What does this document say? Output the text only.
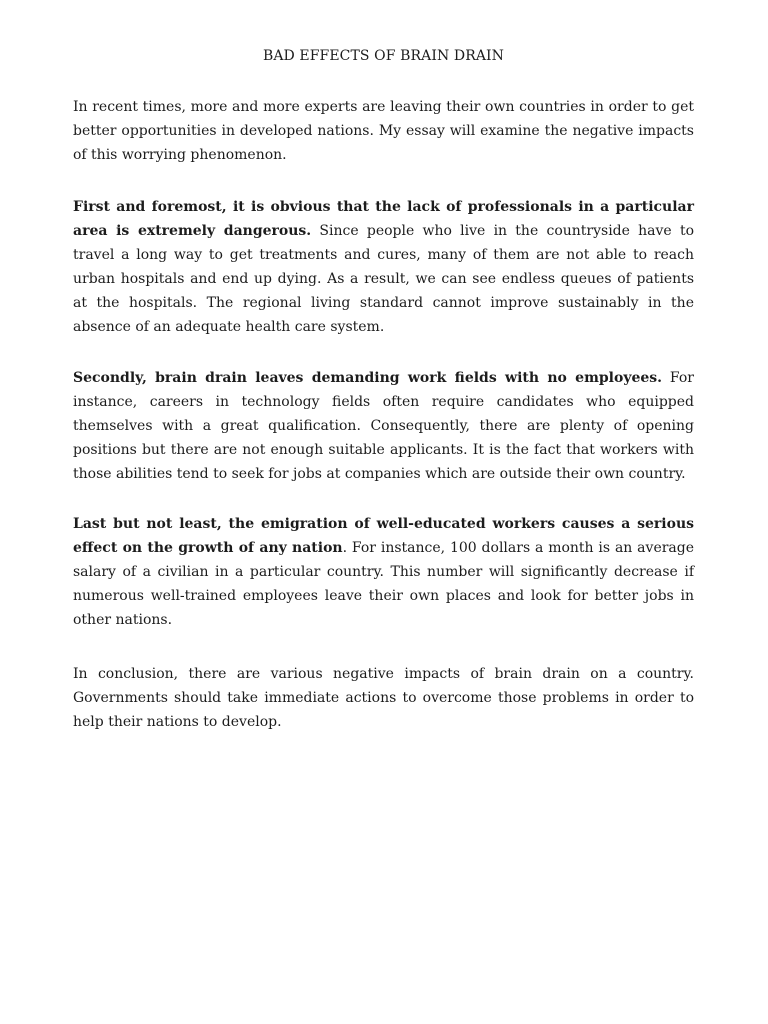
BAD EFFECTS OF BRAIN DRAIN

In recent times, more and more experts are leaving their own countries in order to get better opportunities in developed nations. My essay will examine the negative impacts of this worrying phenomenon.

First and foremost, it is obvious that the lack of professionals in a particular area is extremely dangerous. Since people who live in the countryside have to travel a long way to get treatments and cures, many of them are not able to reach urban hospitals and end up dying. As a result, we can see endless queues of patients at the hospitals. The regional living standard cannot improve sustainably in the absence of an adequate health care system.

Secondly, brain drain leaves demanding work fields with no employees. For instance, careers in technology fields often require candidates who equipped themselves with a great qualification. Consequently, there are plenty of opening positions but there are not enough suitable applicants. It is the fact that workers with those abilities tend to seek for jobs at companies which are outside their own country.

Last but not least, the emigration of well-educated workers causes a serious effect on the growth of any nation. For instance, 100 dollars a month is an average salary of a civilian in a particular country. This number will significantly decrease if numerous well-trained employees leave their own places and look for better jobs in other nations.

In conclusion, there are various negative impacts of brain drain on a country. Governments should take immediate actions to overcome those problems in order to help their nations to develop.
